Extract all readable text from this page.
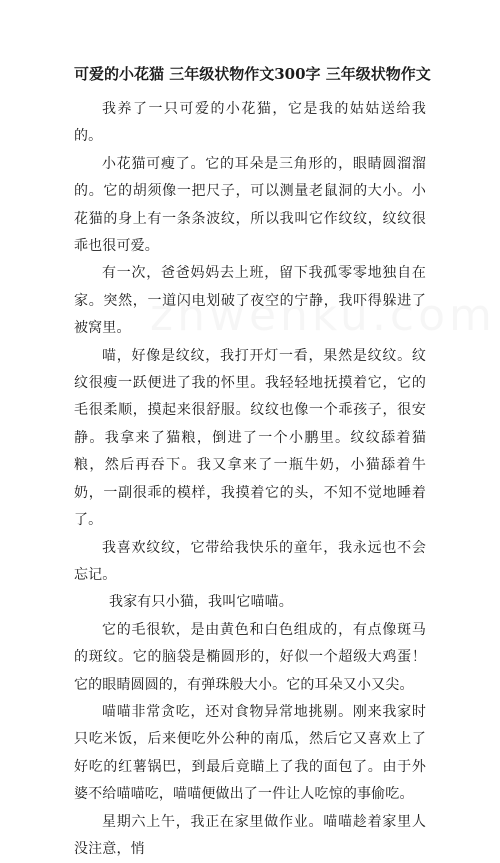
可爱的小花猫 三年级状物作文300字 三年级状物作文

我养了一只可爱的小花猫，它是我的姑姑送给我的。

小花猫可瘦了。它的耳朵是三角形的，眼睛圆溜溜的。它的胡须像一把尺子，可以测量老鼠洞的大小。小花猫的身上有一条条波纹，所以我叫它作纹纹，纹纹很乖也很可爱。

有一次，爸爸妈妈去上班，留下我孤零零地独自在家。突然，一道闪电划破了夜空的宁静，我吓得躲进了被窝里。

喵，好像是纹纹，我打开灯一看，果然是纹纹。纹纹很瘦一跃便进了我的怀里。我轻轻地抚摸着它，它的毛很柔顺，摸起来很舒服。纹纹也像一个乖孩子，很安静。我拿来了猫粮，倒进了一个小鹏里。纹纹舔着猫粮，然后再吞下。我又拿来了一瓶牛奶，小猫舔着牛奶，一副很乖的模样，我摸着它的头，不知不觉地睡着了。

我喜欢纹纹，它带给我快乐的童年，我永远也不会忘记。

我家有只小猫，我叫它喵喵。

它的毛很软，是由黄色和白色组成的，有点像斑马的斑纹。它的脑袋是椭圆形的，好似一个超级大鸡蛋！它的眼睛圆圆的，有弹珠般大小。它的耳朵又小又尖。

喵喵非常贪吃，还对食物异常地挑剔。刚来我家时只吃米饭，后来便吃外公种的南瓜，然后它又喜欢上了好吃的红薯锅巴，到最后竟瞄上了我的面包了。由于外婆不给喵喵吃，喵喵便做出了一件让人吃惊的事偷吃。

星期六上午，我正在家里做作业。喵喵趁着家里人没注意，悄
